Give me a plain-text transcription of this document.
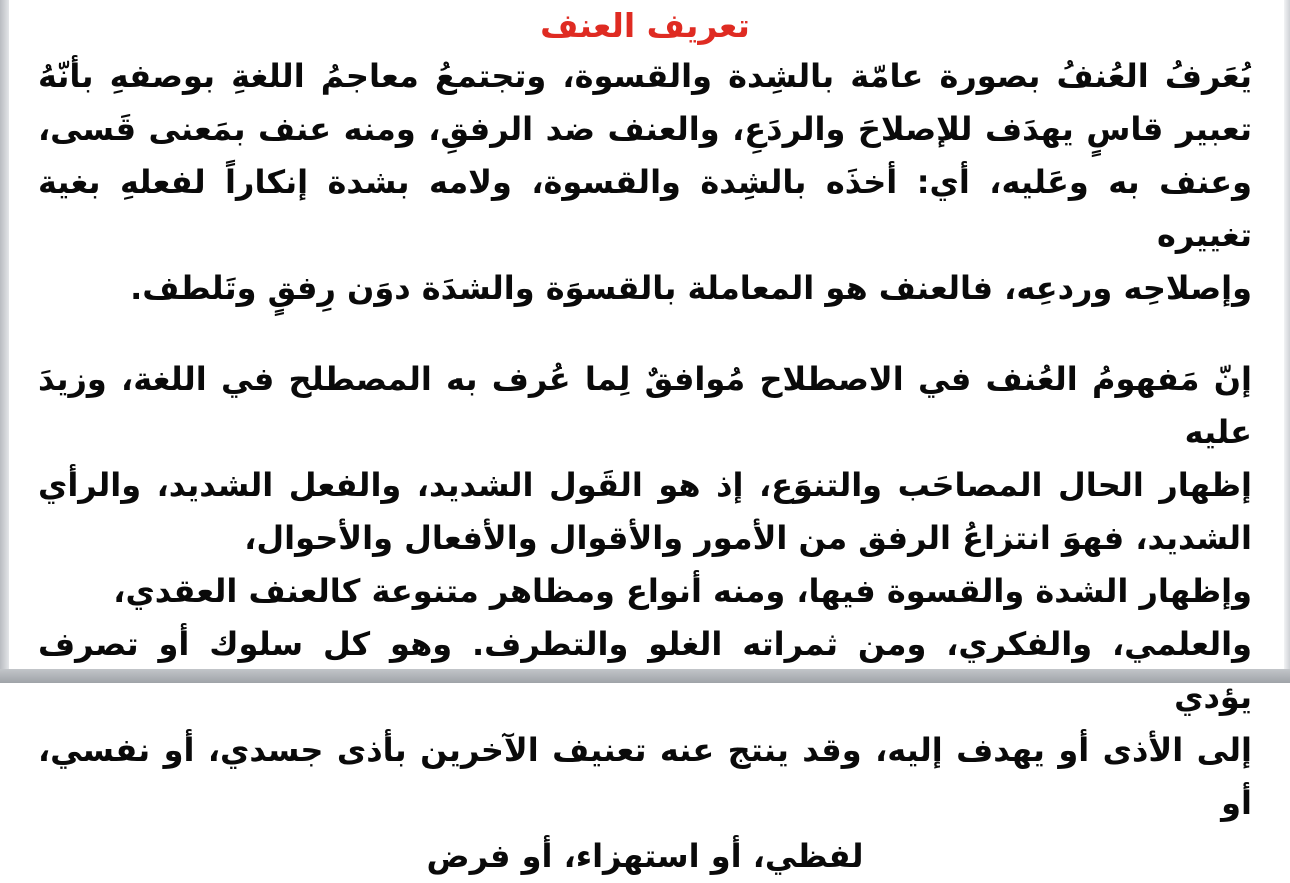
تعريف العنف
يُعَرفُ العُنفُ بصورة عامّة بالشِدة والقسوة، وتجتمعُ معاجمُ اللغةِ بوصفهِ بأنّهُ
تعبير قاسٍ يهدَف للإصلاحَ والردَعِ، والعنف ضد الرفقِ، ومنه عنف بمَعنى قَسى،
وعنف به وعَليه، أي: أخذَه بالشِدة والقسوة، ولامه بشدة إنكاراً لفعلهِ بغية تغييره
وإصلاحِه وردعِه، فالعنف هو المعاملة بالقسوَة والشدَة دوَن رِفقٍ وتَلطف.
إنّ مَفهومُ العُنف في الاصطلاح مُوافقٌ لِما عُرف به المصطلح في اللغة، وزيدَ عليه
إظهار الحال المصاحَب والتنوَع، إذ هو القَول الشديد، والفعل الشديد، والرأي
الشديد، فهوَ انتزاعُ الرفق من الأمور والأقوال والأفعال والأحوال،
وإظهار الشدة والقسوة فيها، ومنه أنواع ومظاهر متنوعة كالعنف العقدي،
والعلمي، والفكري، ومن ثمراته الغلو والتطرف. وهو كل سلوك أو تصرف يؤدي
إلى الأذى أو يهدف إليه، وقد ينتج عنه تعنيف الآخرين بأذى جسدي، أو نفسي، أو
لفظي، أو استهزاء، أو فرض
